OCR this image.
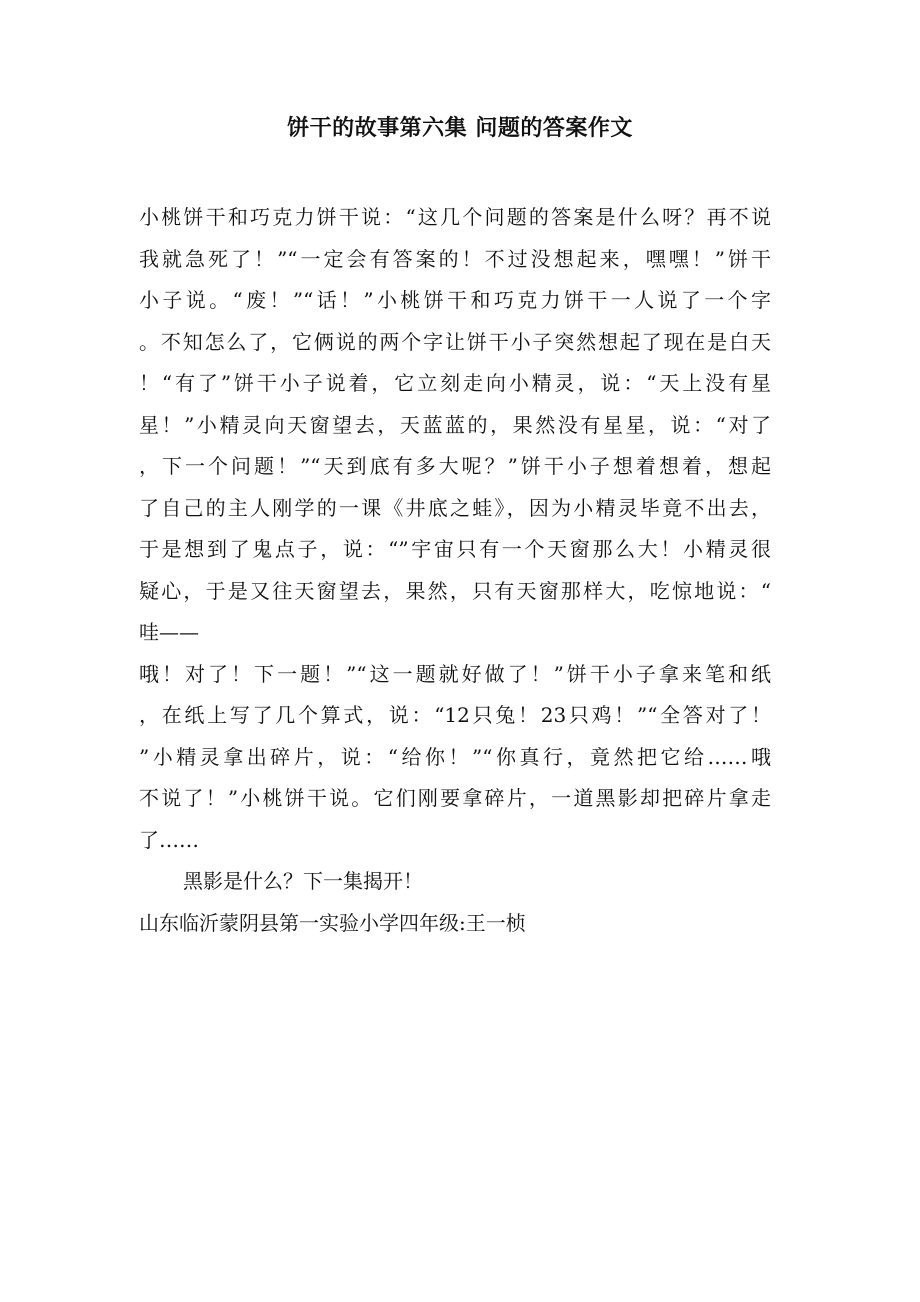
饼干的故事第六集 问题的答案作文
小桃饼干和巧克力饼干说：“这几个问题的答案是什么呀？再不说
我就急死了！”“一定会有答案的！不过没想起来，嘿嘿！”饼干
小子说。“废！”“话！”小桃饼干和巧克力饼干一人说了一个字
。不知怎么了，它俩说的两个字让饼干小子突然想起了现在是白天
！“有了”饼干小子说着，它立刻走向小精灵，说：“天上没有星
星！”小精灵向天窗望去，天蓝蓝的，果然没有星星，说：“对了
，下一个问题！”“天到底有多大呢？”饼干小子想着想着，想起
了自己的主人刚学的一课《井底之蛙》，因为小精灵毕竟不出去，
于是想到了鬼点子，说：“”宇宙只有一个天窗那么大！小精灵很
疑心，于是又往天窗望去，果然，只有天窗那样大，吃惊地说：“
哇——
哦！对了！下一题！”“这一题就好做了！”饼干小子拿来笔和纸
，在纸上写了几个算式，说：“12只兔！23只鸡！”“全答对了！
”小精灵拿出碎片，说：“给你！”“你真行，竟然把它给……哦
不说了！”小桃饼干说。它们刚要拿碎片，一道黑影却把碎片拿走
了……
黑影是什么？下一集揭开！
山东临沂蒙阴县第一实验小学四年级:王一桢
